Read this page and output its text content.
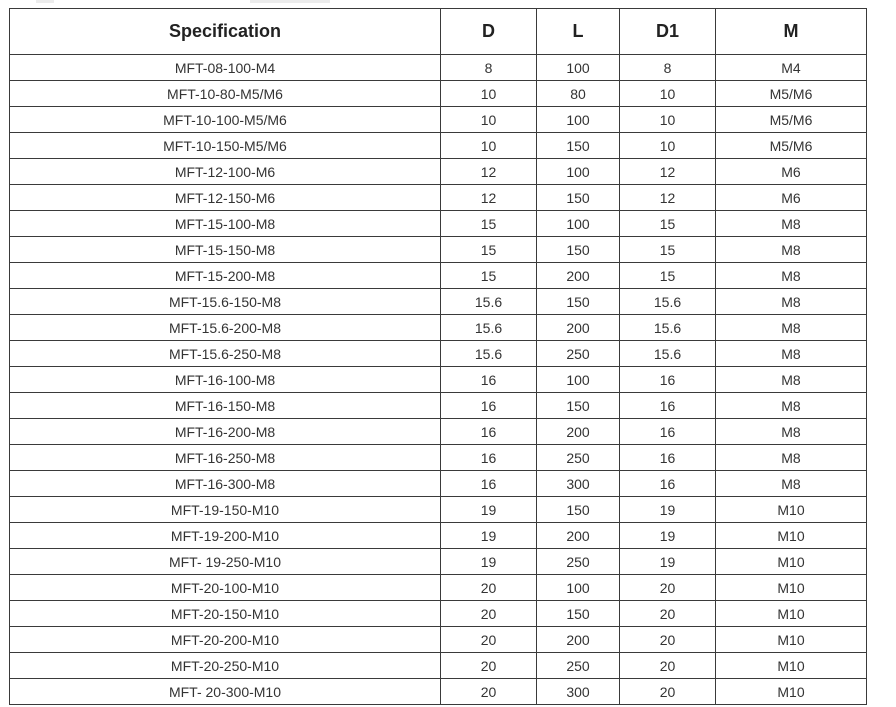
Specification	D	L	D1	M
MFT-08-100-M4	8	100	8	M4
MFT-10-80-M5/M6	10	80	10	M5/M6
MFT-10-100-M5/M6	10	100	10	M5/M6
MFT-10-150-M5/M6	10	150	10	M5/M6
MFT-12-100-M6	12	100	12	M6
MFT-12-150-M6	12	150	12	M6
MFT-15-100-M8	15	100	15	M8
MFT-15-150-M8	15	150	15	M8
MFT-15-200-M8	15	200	15	M8
MFT-15.6-150-M8	15.6	150	15.6	M8
MFT-15.6-200-M8	15.6	200	15.6	M8
MFT-15.6-250-M8	15.6	250	15.6	M8
MFT-16-100-M8	16	100	16	M8
MFT-16-150-M8	16	150	16	M8
MFT-16-200-M8	16	200	16	M8
MFT-16-250-M8	16	250	16	M8
MFT-16-300-M8	16	300	16	M8
MFT-19-150-M10	19	150	19	M10
MFT-19-200-M10	19	200	19	M10
MFT- 19-250-M10	19	250	19	M10
MFT-20-100-M10	20	100	20	M10
MFT-20-150-M10	20	150	20	M10
MFT-20-200-M10	20	200	20	M10
MFT-20-250-M10	20	250	20	M10
MFT- 20-300-M10	20	300	20	M10
